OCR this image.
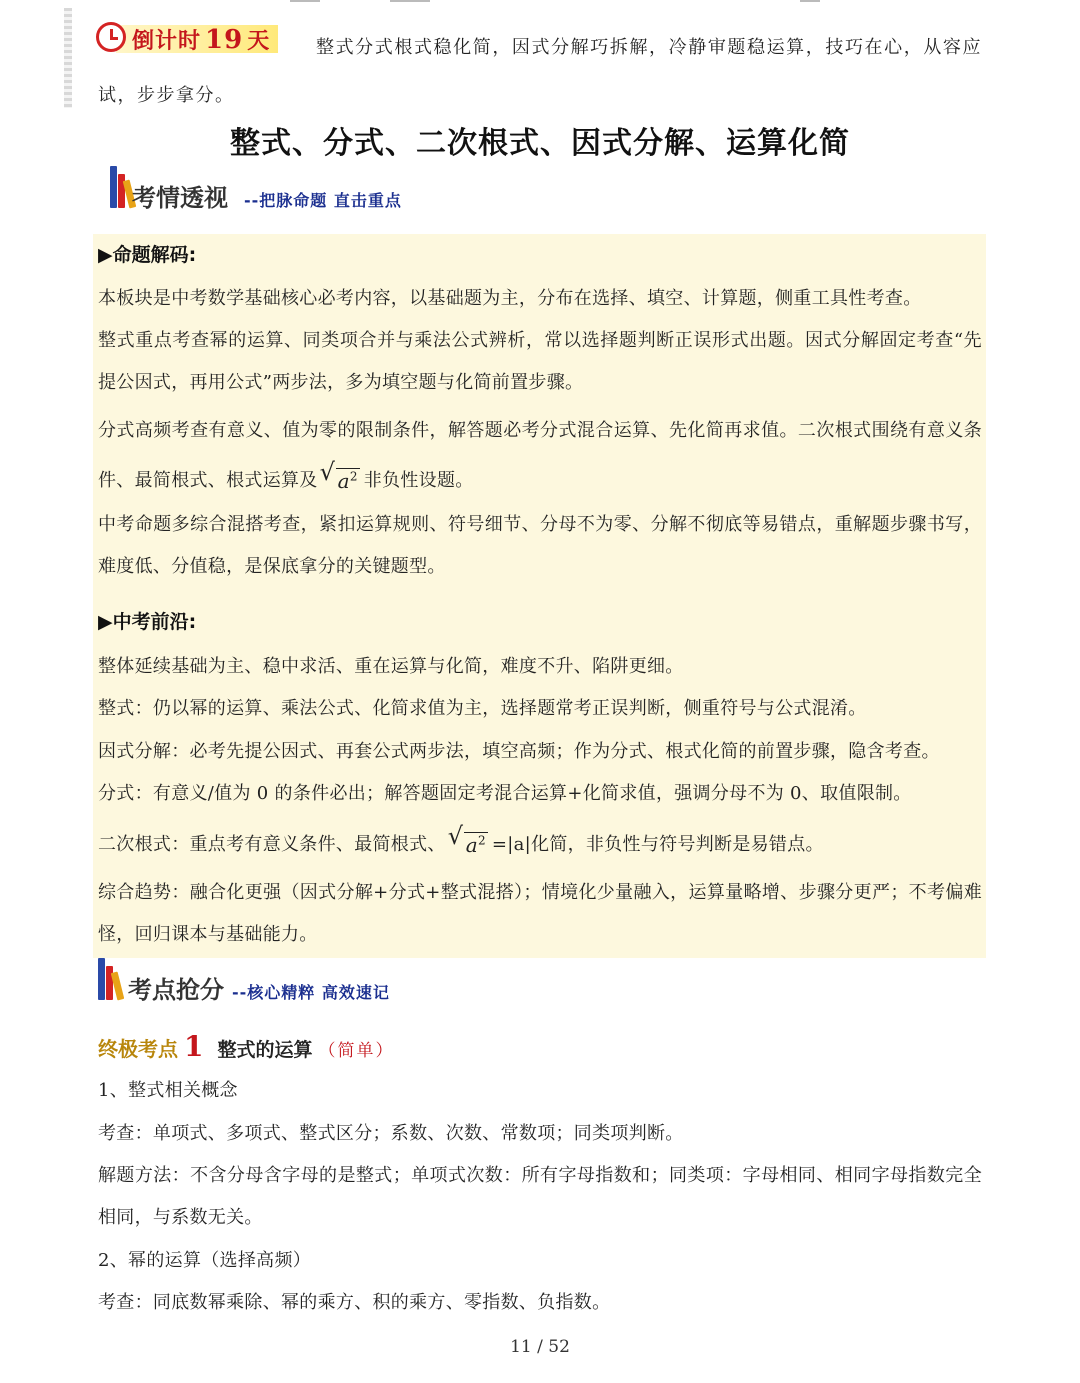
倒计时 19 天	整式分式根式稳化简，因式分解巧拆解，冷静审题稳运算，技巧在心，从容应试，步步拿分。
整式、分式、二次根式、因式分解、运算化简
考情透视 --把脉命题 直击重点
▶命题解码:
本板块是中考数学基础核心必考内容，以基础题为主，分布在选择、填空、计算题，侧重工具性考查。
整式重点考查幂的运算、同类项合并与乘法公式辨析，常以选择题判断正误形式出题。因式分解固定考查“先提公因式，再用公式”两步法，多为填空题与化简前置步骤。
分式高频考查有意义、值为零的限制条件，解答题必考分式混合运算、先化简再求值。二次根式围绕有意义条件、最简根式、根式运算及 √ $a^2$ 非负性设题。
中考命题多综合混搭考查，紧扣运算规则、符号细节、分母不为零、分解不彻底等易错点，重解题步骤书写，难度低、分值稳，是保底拿分的关键题型。
▶中考前沿:
整体延续基础为主、稳中求活、重在运算与化简，难度不升、陷阱更细。
整式：仍以幂的运算、乘法公式、化简求值为主，选择题常考正误判断，侧重符号与公式混淆。
因式分解：必考先提公因式、再套公式两步法，填空高频；作为分式、根式化简的前置步骤，隐含考查。
分式：有意义/值为 0 的条件必出；解答题固定考混合运算+化简求值，强调分母不为 0、取值限制。
二次根式：重点考有意义条件、最简根式、 √ $a^2 =|a|$化简，非负性与符号判断是易错点。
综合趋势：融合化更强（因式分解+分式+整式混搭）；情境化少量融入，运算量略增、步骤分更严；不考偏难怪，回归课本与基础能力。
考点抢分 --核心精粹 高效速记
终极考点 1 整式的运算 （简单）
1、整式相关概念
考查：单项式、多项式、整式区分；系数、次数、常数项；同类项判断。
解题方法：不含分母含字母的是整式；单项式次数：所有字母指数和；同类项：字母相同、相同字母指数完全相同，与系数无关。
2、幂的运算（选择高频）
考查：同底数幂乘除、幂的乘方、积的乘方、零指数、负指数。
11 / 52
